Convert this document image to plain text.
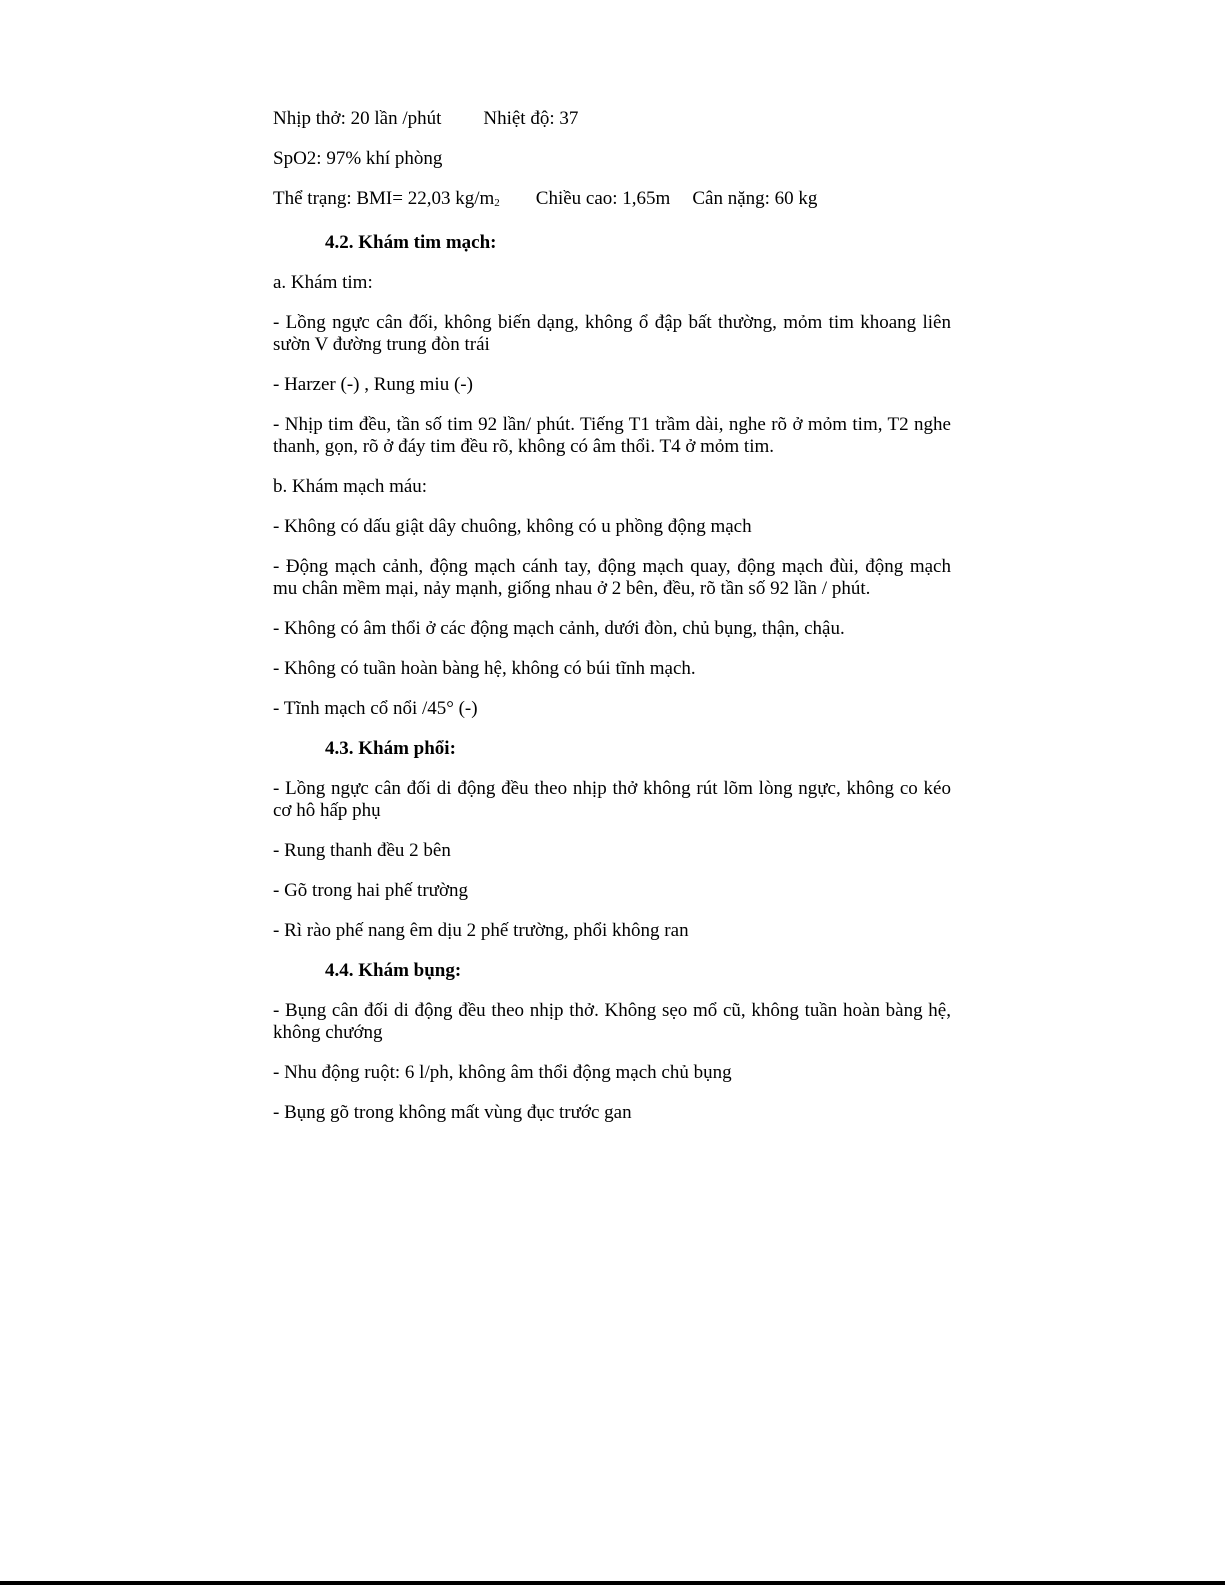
Nhịp thở: 20 lần /phút Nhiệt độ: 37
SpO2: 97% khí phòng
Thể trạng: BMI= 22,03 kg/m2 Chiều cao: 1,65m Cân nặng: 60 kg
4.2. Khám tim mạch:
a. Khám tim:
- Lồng ngực cân đối, không biến dạng, không ổ đập bất thường, mỏm tim khoang liên sườn V đường trung đòn trái
- Harzer (-) , Rung miu (-)
- Nhịp tim đều, tần số tim 92 lần/ phút. Tiếng T1 trầm dài, nghe rõ ở mỏm tim, T2 nghe thanh, gọn, rõ ở đáy tim đều rõ, không có âm thổi. T4 ở mỏm tim.
b. Khám mạch máu:
- Không có dấu giật dây chuông, không có u phồng động mạch
- Động mạch cảnh, động mạch cánh tay, động mạch quay, động mạch đùi, động mạch mu chân mềm mại, nảy mạnh, giống nhau ở 2 bên, đều, rõ tần số 92 lần / phút.
- Không có âm thổi ở các động mạch cảnh, dưới đòn, chủ bụng, thận, chậu.
- Không có tuần hoàn bàng hệ, không có búi tĩnh mạch.
- Tĩnh mạch cổ nổi /45° (-)
4.3. Khám phổi:
- Lồng ngực cân đối di động đều theo nhịp thở không rút lõm lòng ngực, không co kéo cơ hô hấp phụ
- Rung thanh đều 2 bên
- Gõ trong hai phế trường
- Rì rào phế nang êm dịu 2 phế trường, phổi không ran
4.4. Khám bụng:
- Bụng cân đối di động đều theo nhịp thở. Không sẹo mổ cũ, không tuần hoàn bàng hệ, không chướng
- Nhu động ruột: 6 l/ph, không âm thổi động mạch chủ bụng
- Bụng gõ trong không mất vùng đục trước gan
